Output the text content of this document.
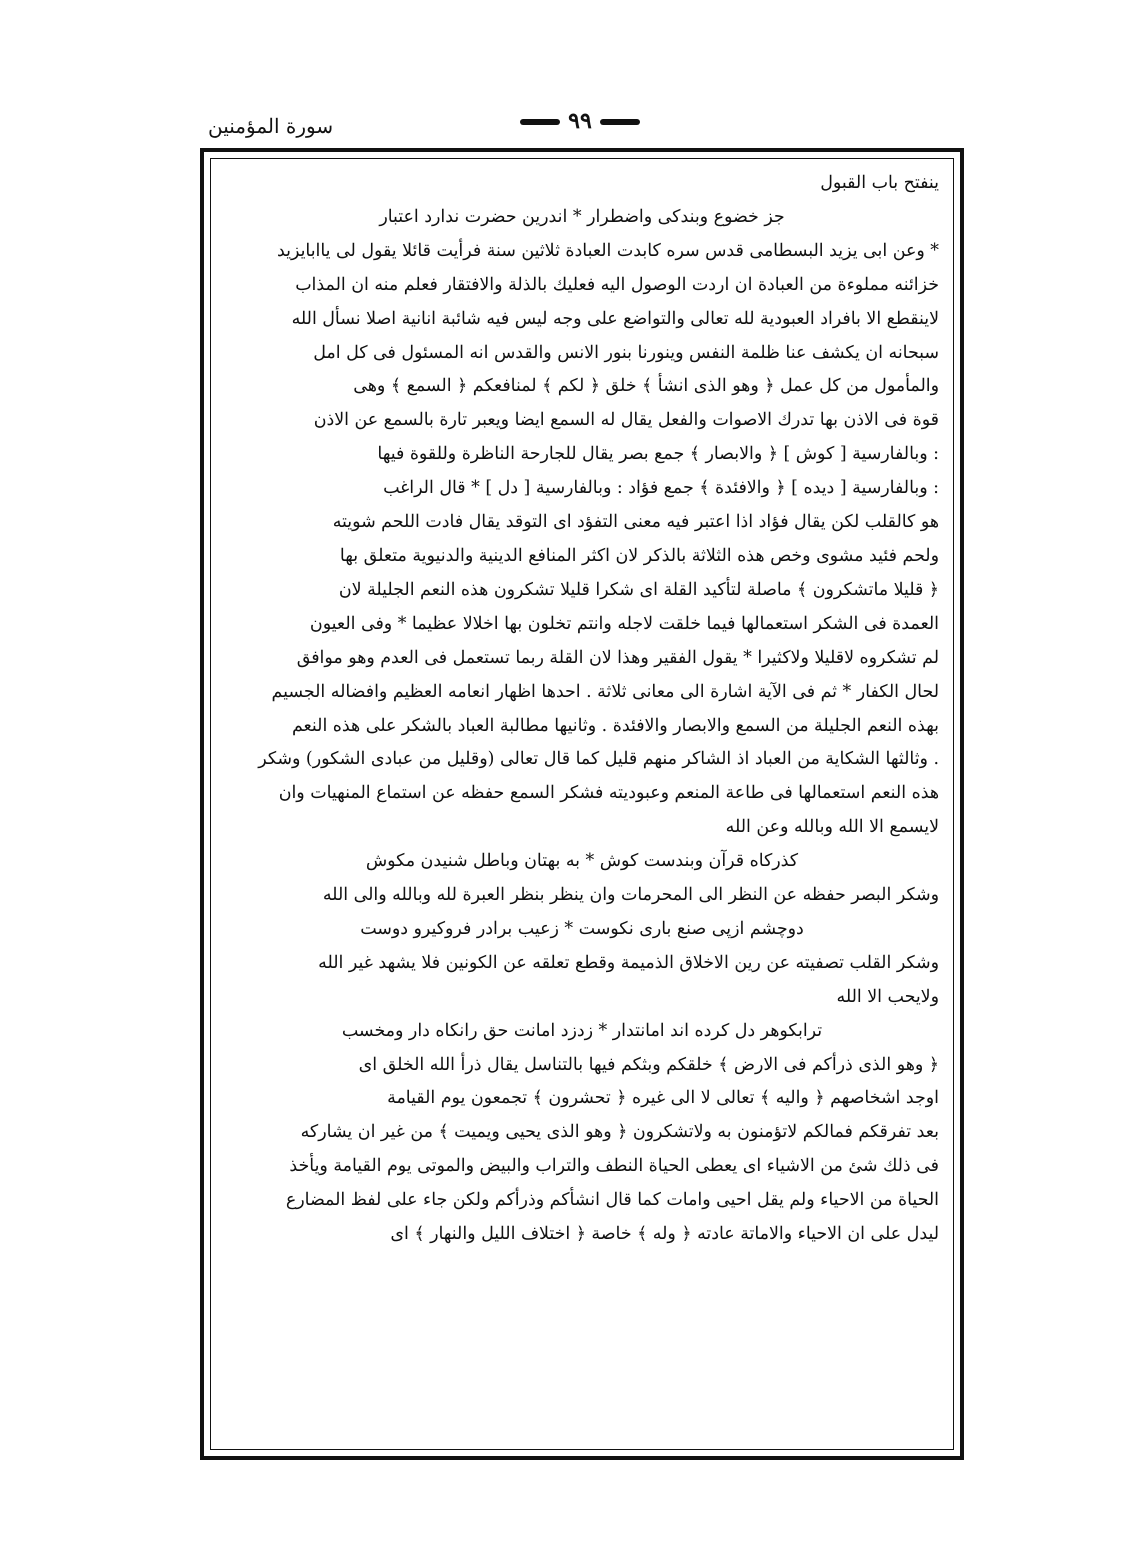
سورة المؤمنين	٩٩
ينفتح باب القبول
جز خضوع وبندكى واضطرار * اندرين حضرت ندارد اعتبار
* وعن ابى يزيد البسطامى قدس سره كابدت العبادة ثلاثين سنة فرأيت قائلا يقول لى ياابايزيد
خزائنه مملوءة من العبادة ان اردت الوصول اليه فعليك بالذلة والافتقار فعلم منه ان المذاب
لاينقطع الا بافراد العبودية لله تعالى والتواضع على وجه ليس فيه شائبة انانية اصلا نسأل الله
سبحانه ان يكشف عنا ظلمة النفس وينورنا بنور الانس والقدس انه المسئول فى كل امل
والمأمول من كل عمل ﴿ وهو الذى انشأ ﴾ خلق ﴿ لكم ﴾ لمنافعكم ﴿ السمع ﴾ وهى
قوة فى الاذن بها تدرك الاصوات والفعل يقال له السمع ايضا ويعبر تارة بالسمع عن الاذن
: وبالفارسية [ كوش ] ﴿ والابصار ﴾ جمع بصر يقال للجارحة الناظرة وللقوة فيها
: وبالفارسية [ ديده ] ﴿ والافئدة ﴾ جمع فؤاد : وبالفارسية [ دل ] * قال الراغب
هو كالقلب لكن يقال فؤاد اذا اعتبر فيه معنى التفؤد اى التوقد يقال فادت اللحم شويته
ولحم فئيد مشوى وخص هذه الثلاثة بالذكر لان اكثر المنافع الدينية والدنيوية متعلق بها
﴿ قليلا ماتشكرون ﴾ ماصلة لتأكيد القلة اى شكرا قليلا تشكرون هذه النعم الجليلة لان
العمدة فى الشكر استعمالها فيما خلقت لاجله وانتم تخلون بها اخلالا عظيما * وفى العيون
لم تشكروه لاقليلا ولاكثيرا * يقول الفقير وهذا لان القلة ربما تستعمل فى العدم وهو موافق
لحال الكفار * ثم فى الآية اشارة الى معانى ثلاثة . احدها اظهار انعامه العظيم وافضاله الجسيم
بهذه النعم الجليلة من السمع والابصار والافئدة . وثانيها مطالبة العباد بالشكر على هذه النعم
. وثالثها الشكاية من العباد اذ الشاكر منهم قليل كما قال تعالى (وقليل من عبادى الشكور) وشكر
هذه النعم استعمالها فى طاعة المنعم وعبوديته فشكر السمع حفظه عن استماع المنهيات وان
لايسمع الا الله وبالله وعن الله
كذركاه قرآن وبندست كوش * به بهتان وباطل شنيدن مكوش
وشكر البصر حفظه عن النظر الى المحرمات وان ينظر بنظر العبرة لله وبالله والى الله
دوچشم ازپى صنع بارى نكوست * زعيب برادر فروكيرو دوست
وشكر القلب تصفيته عن رين الاخلاق الذميمة وقطع تعلقه عن الكونين فلا يشهد غير الله
ولايحب الا الله
ترابكوهر دل كرده اند امانتدار * زدزد امانت حق رانكاه دار ومخسب
﴿ وهو الذى ذرأكم فى الارض ﴾ خلقكم وبثكم فيها بالتناسل يقال ذرأ الله الخلق اى
اوجد اشخاصهم ﴿ واليه ﴾ تعالى لا الى غيره ﴿ تحشرون ﴾ تجمعون يوم القيامة
بعد تفرقكم فمالكم لاتؤمنون به ولاتشكرون ﴿ وهو الذى يحيى ويميت ﴾ من غير ان يشاركه
فى ذلك شئ من الاشياء اى يعطى الحياة النطف والتراب والبيض والموتى يوم القيامة ويأخذ
الحياة من الاحياء ولم يقل احيى وامات كما قال انشأكم وذرأكم ولكن جاء على لفظ المضارع
ليدل على ان الاحياء والاماتة عادته ﴿ وله ﴾ خاصة ﴿ اختلاف الليل والنهار ﴾ اى
